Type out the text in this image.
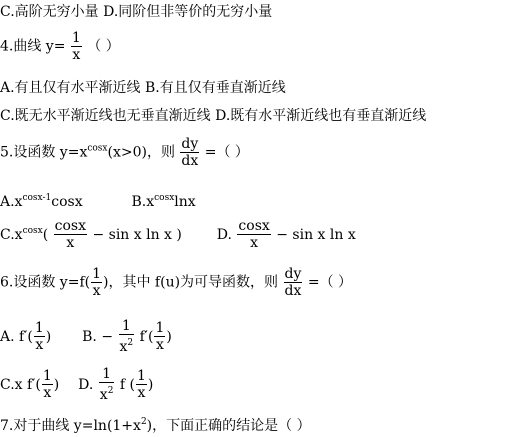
C.高阶无穷小量 D.同阶但非等价的无穷小量
4.曲线 $y= \frac{1}{x}$ （ ）
A.有且仅有水平渐近线 B.有且仅有垂直渐近线
C.既无水平渐近线也无垂直渐近线 D.既有水平渐近线也有垂直渐近线
5.设函数 $y=x^{cosx}(x>0)$，则 $\frac{dy}{dx}$ =（ ）
$A.x^{cosx-1}\cos x$	$B.x^{cosx}\ln x$
$C.x^{cosx}( \frac{\cos x}{x} - \sin x$ ln x ) D. $\frac{\cos x}{x} - \sin x$ ln x
6.设函数 $y=f( \frac{1}{x}$ )，其中 f(u)为可导函数，则 $\frac{dy}{dx}$ =（ ）
A. $f'( \frac{1}{x}$ ) B. − $\frac{1}{x^2} f'( \frac{1}{x}$ )
C.x $f'( \frac{1}{x}$ ) D. $\frac{1}{x^2}$ f ( $\frac{1}{x}$ )
7.对于曲线 $y=\ln(1+x^2)$，下面正确的结论是（ ）
